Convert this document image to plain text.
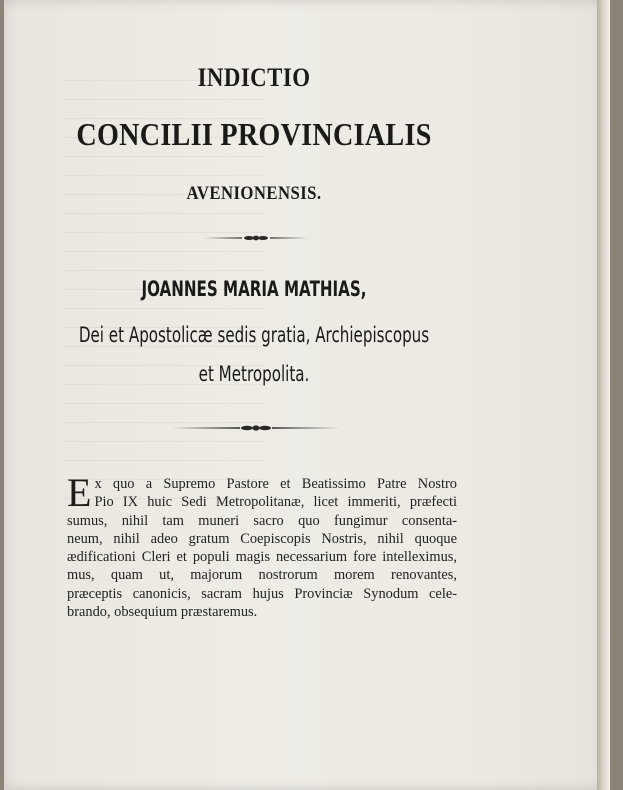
INDICTIO
CONCILII PROVINCIALIS
AVENIONENSIS.
JOANNES MARIA MATHIAS,
Dei et Apostolicæ sedis gratia, Archiepiscopus
et Metropolita.
E x quo a Supremo Pastore et Beatissimo Patre Nostro
Pio IX huic Sedi Metropolitanæ, licet immeriti, præfecti
sumus, nihil tam muneri sacro quo fungimur consenta-
neum, nihil adeo gratum Coepiscopis Nostris, nihil quoque
ædificationi Cleri et populi magis necessarium fore intelleximus,
mus, quam ut, majorum nostrorum morem renovantes,
præceptis canonicis, sacram hujus Provinciæ Synodum cele-
brando, obsequium præstaremus.
